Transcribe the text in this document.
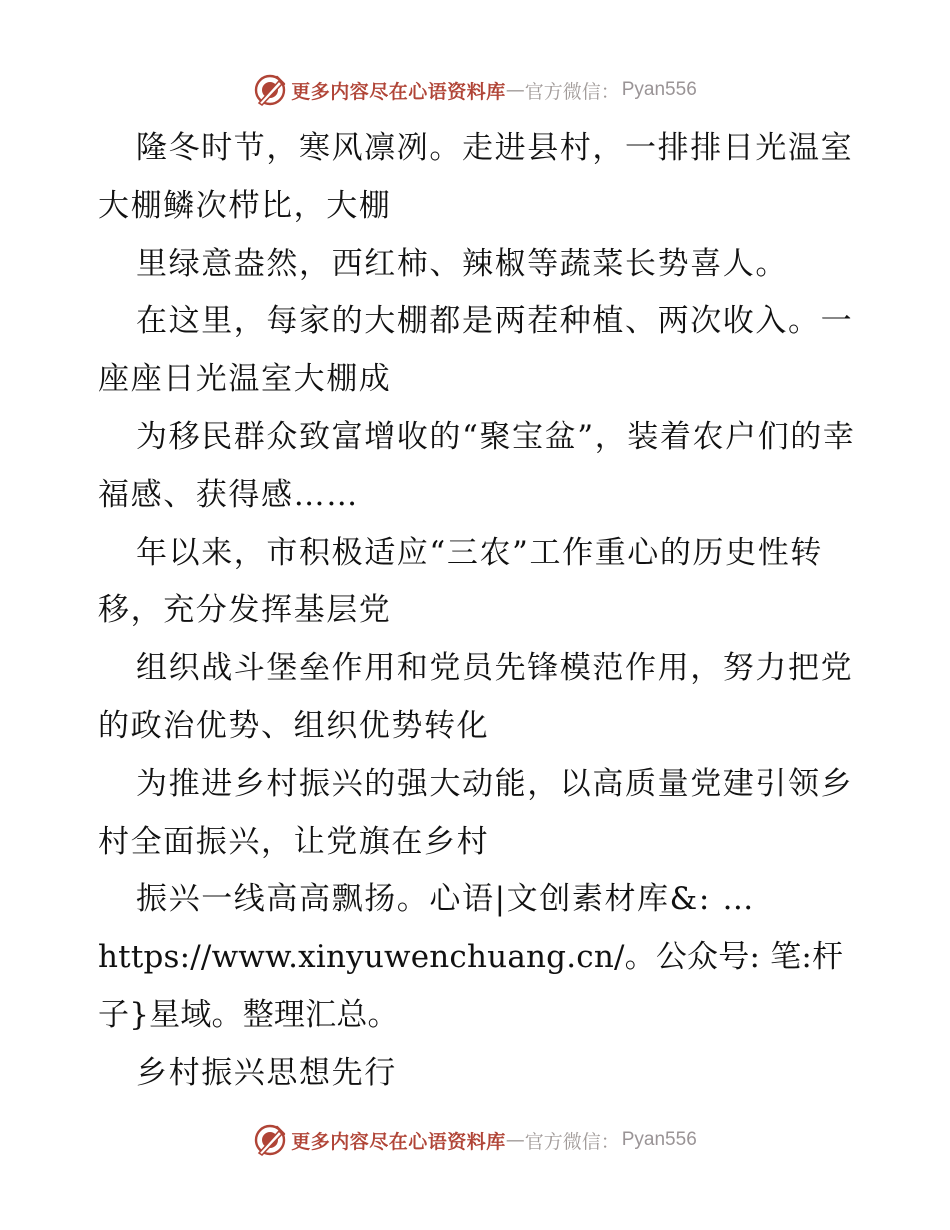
更多内容尽在心语资料库 — 官方微信： Pyan556

隆冬时节，寒风凛冽。走进县村，一排排日光温室大棚鳞次栉比，大棚

里绿意盎然，西红柿、辣椒等蔬菜长势喜人。

在这里，每家的大棚都是两茬种植、两次收入。一座座日光温室大棚成

为移民群众致富增收的“聚宝盆”，装着农户们的幸福感、获得感……

年以来，市积极适应“三农”工作重心的历史性转移，充分发挥基层党

组织战斗堡垒作用和党员先锋模范作用，努力把党的政治优势、组织优势转化

为推进乡村振兴的强大动能，以高质量党建引领乡村全面振兴，让党旗在乡村

振兴一线高高飘扬。心语|文创素材库&: …

https://www.xinyuwenchuang.cn/。公众号: 笔:杆子}星域。整理汇总。

乡村振兴思想先行

更多内容尽在心语资料库 — 官方微信： Pyan556
